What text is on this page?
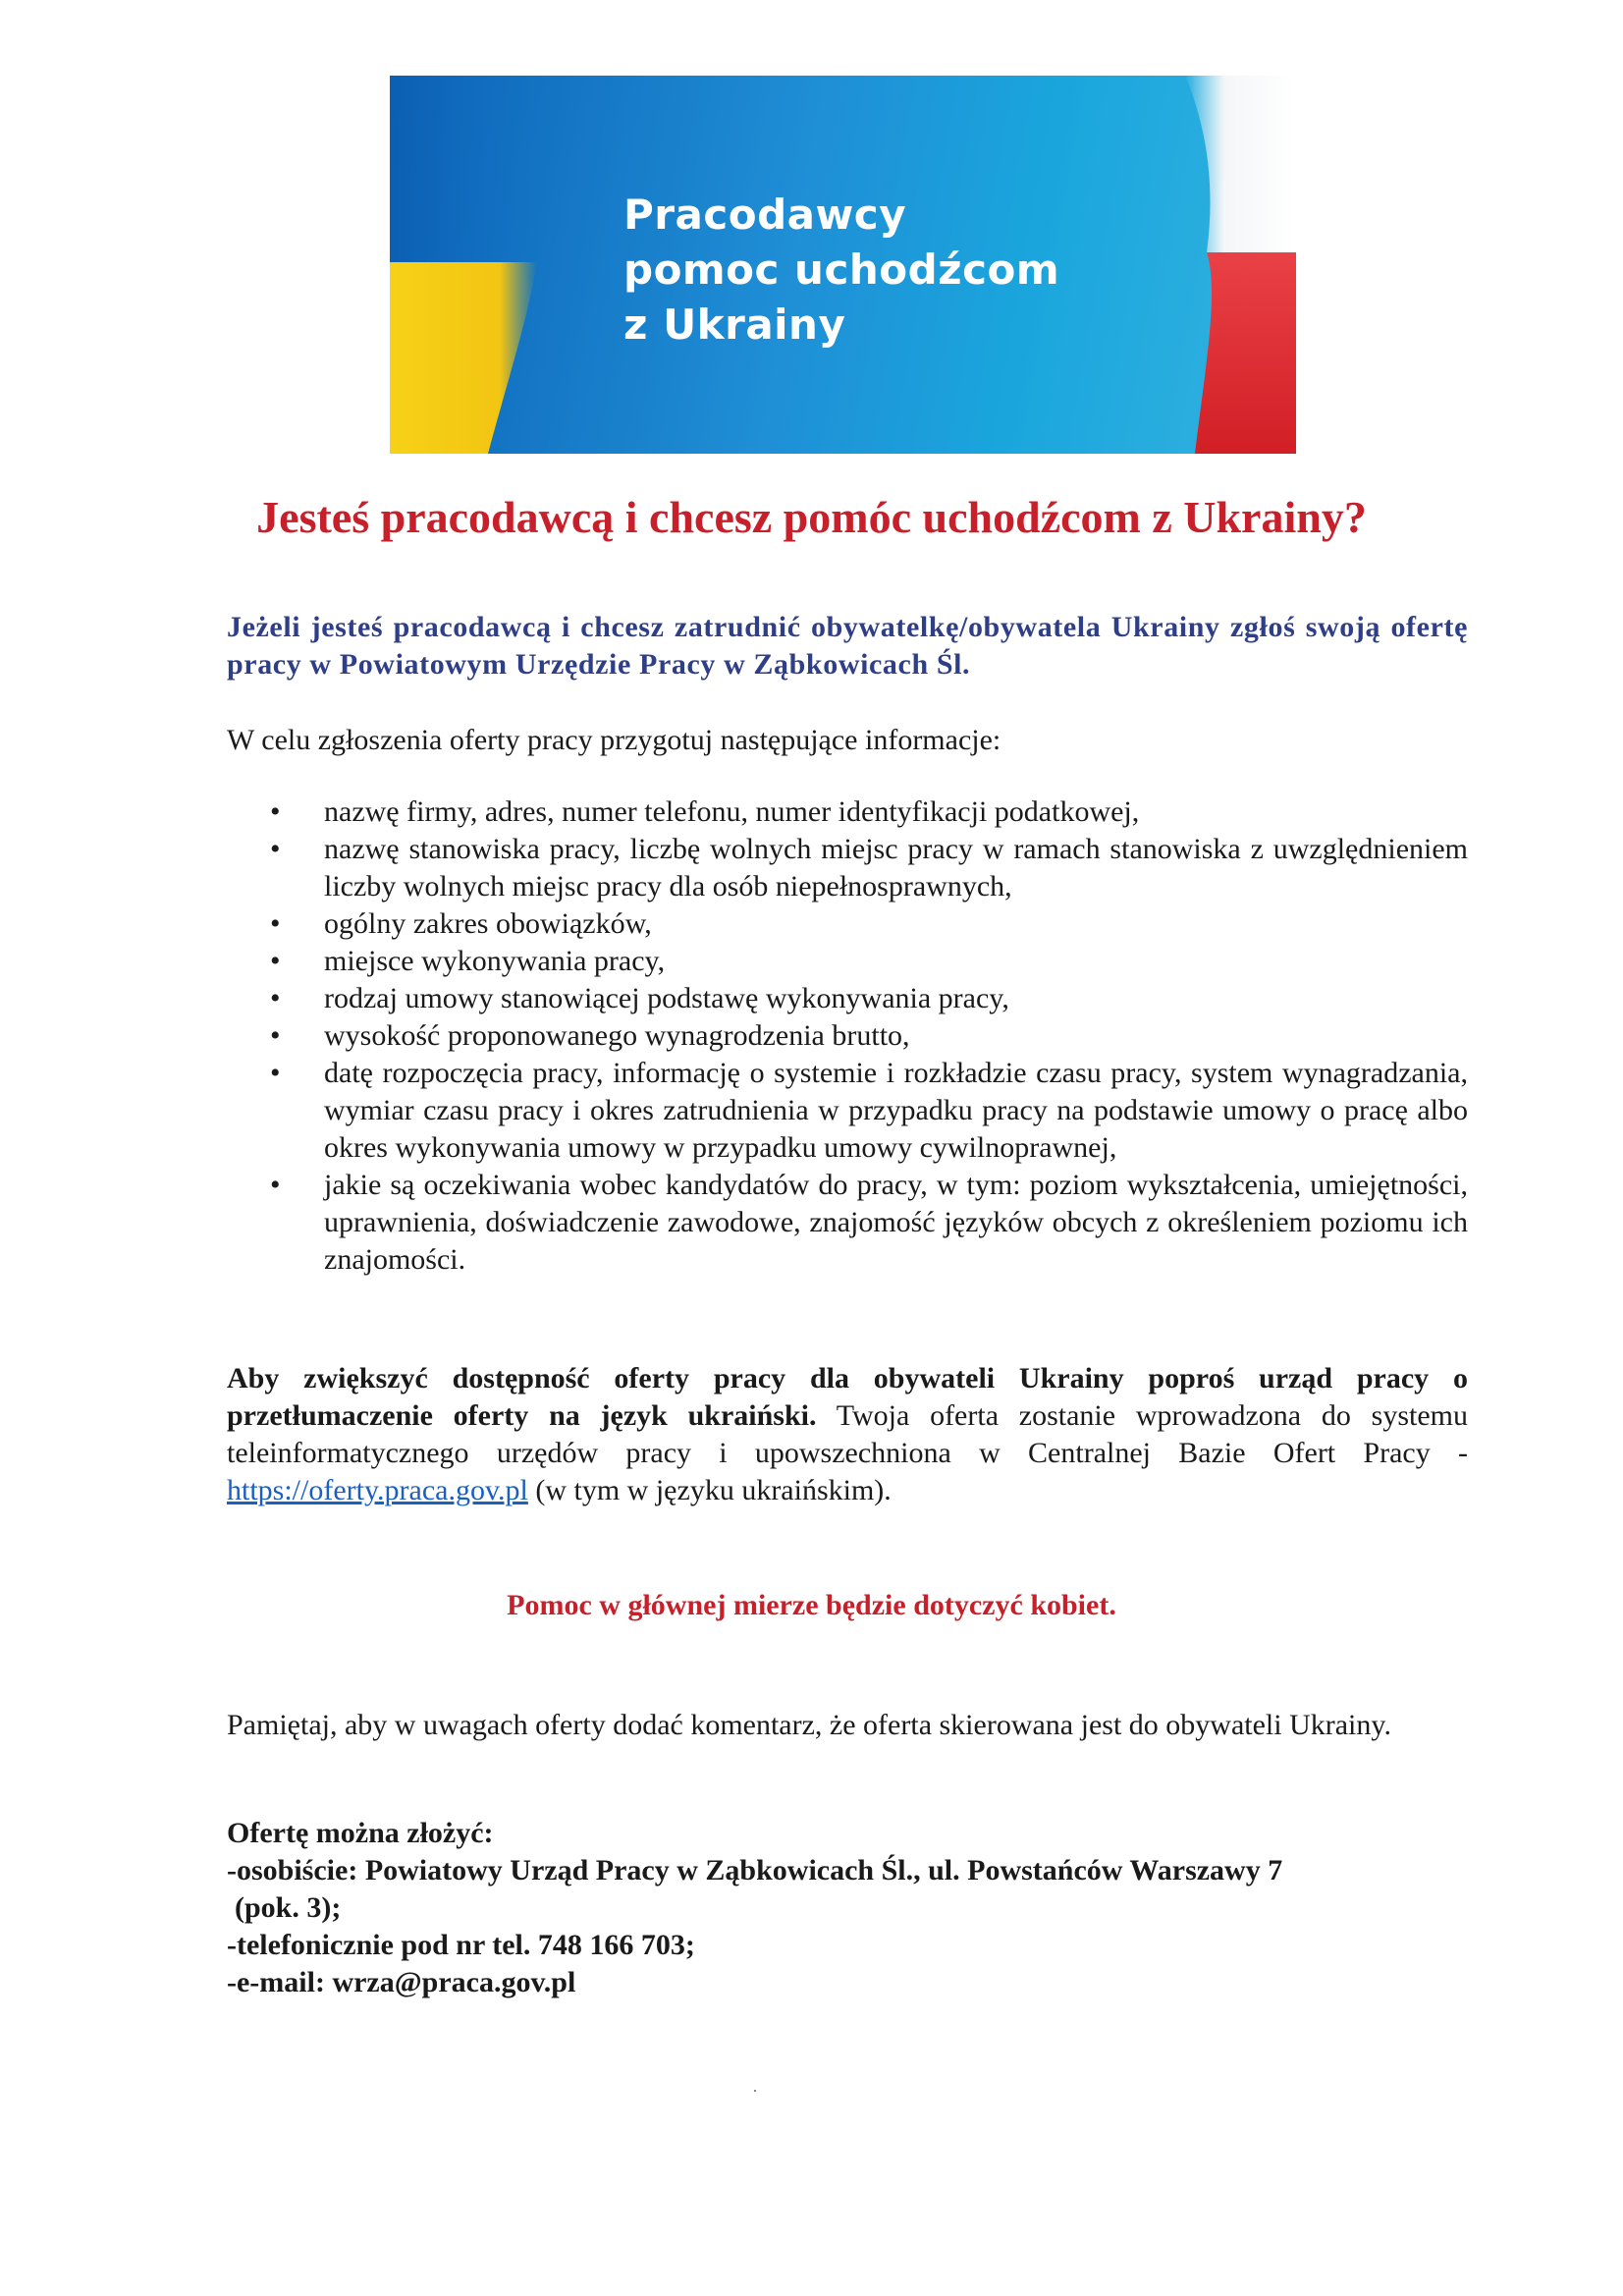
Pracodawcy
pomoc uchodźcom
z Ukrainy
Jesteś pracodawcą i chcesz pomóc uchodźcom z Ukrainy?
Jeżeli jesteś pracodawcą i chcesz zatrudnić obywatelkę/obywatela Ukrainy zgłoś swoją ofertę pracy w Powiatowym Urzędzie Pracy w Ząbkowicach Śl.
W celu zgłoszenia oferty pracy przygotuj następujące informacje:
• nazwę firmy, adres, numer telefonu, numer identyfikacji podatkowej,
• nazwę stanowiska pracy, liczbę wolnych miejsc pracy w ramach stanowiska z uwzględnieniem liczby wolnych miejsc pracy dla osób niepełnosprawnych,
• ogólny zakres obowiązków,
• miejsce wykonywania pracy,
• rodzaj umowy stanowiącej podstawę wykonywania pracy,
• wysokość proponowanego wynagrodzenia brutto,
• datę rozpoczęcia pracy, informację o systemie i rozkładzie czasu pracy, system wynagradzania, wymiar czasu pracy i okres zatrudnienia w przypadku pracy na podstawie umowy o pracę albo okres wykonywania umowy w przypadku umowy cywilnoprawnej,
• jakie są oczekiwania wobec kandydatów do pracy, w tym: poziom wykształcenia, umiejętności, uprawnienia, doświadczenie zawodowe, znajomość języków obcych z określeniem poziomu ich znajomości.
Aby zwiększyć dostępność oferty pracy dla obywateli Ukrainy poproś urząd pracy o przetłumaczenie oferty na język ukraiński. Twoja oferta zostanie wprowadzona do systemu teleinformatycznego urzędów pracy i upowszechniona w Centralnej Bazie Ofert Pracy - https://oferty.praca.gov.pl (w tym w języku ukraińskim).
Pomoc w głównej mierze będzie dotyczyć kobiet.
Pamiętaj, aby w uwagach oferty dodać komentarz, że oferta skierowana jest do obywateli Ukrainy.
Ofertę można złożyć:
-osobiście: Powiatowy Urząd Pracy w Ząbkowicach Śl., ul. Powstańców Warszawy 7
(pok. 3);
-telefonicznie pod nr tel. 748 166 703;
-e-mail: wrza@praca.gov.pl
